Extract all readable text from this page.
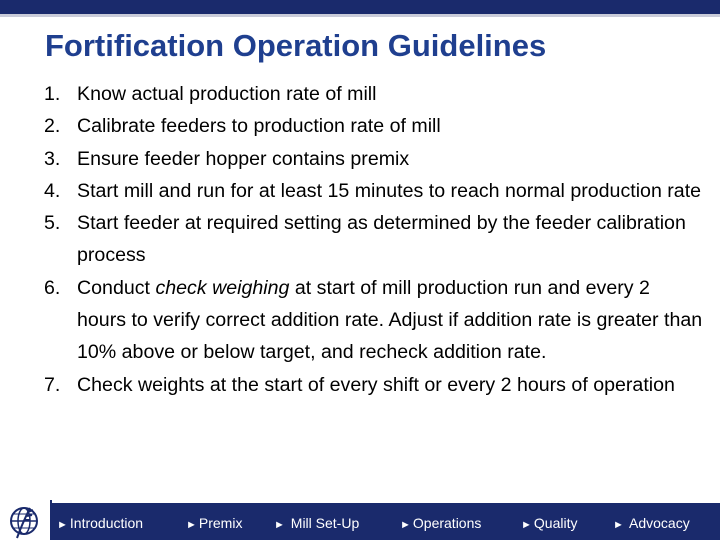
Fortification Operation Guidelines
1. Know actual production rate of mill
2. Calibrate feeders to production rate of mill
3. Ensure feeder hopper contains premix
4. Start mill and run for at least 15 minutes to reach normal production rate
5. Start feeder at required setting as determined by the feeder calibration process
6. Conduct check weighing at start of mill production run and every 2 hours to verify correct addition rate. Adjust if addition rate is greater than 10% above or below target, and recheck addition rate.
7. Check weights at the start of every shift or every 2 hours of operation
► Introduction	► Premix	► Mill Set-Up	► Operations	► Quality	► Advocacy
